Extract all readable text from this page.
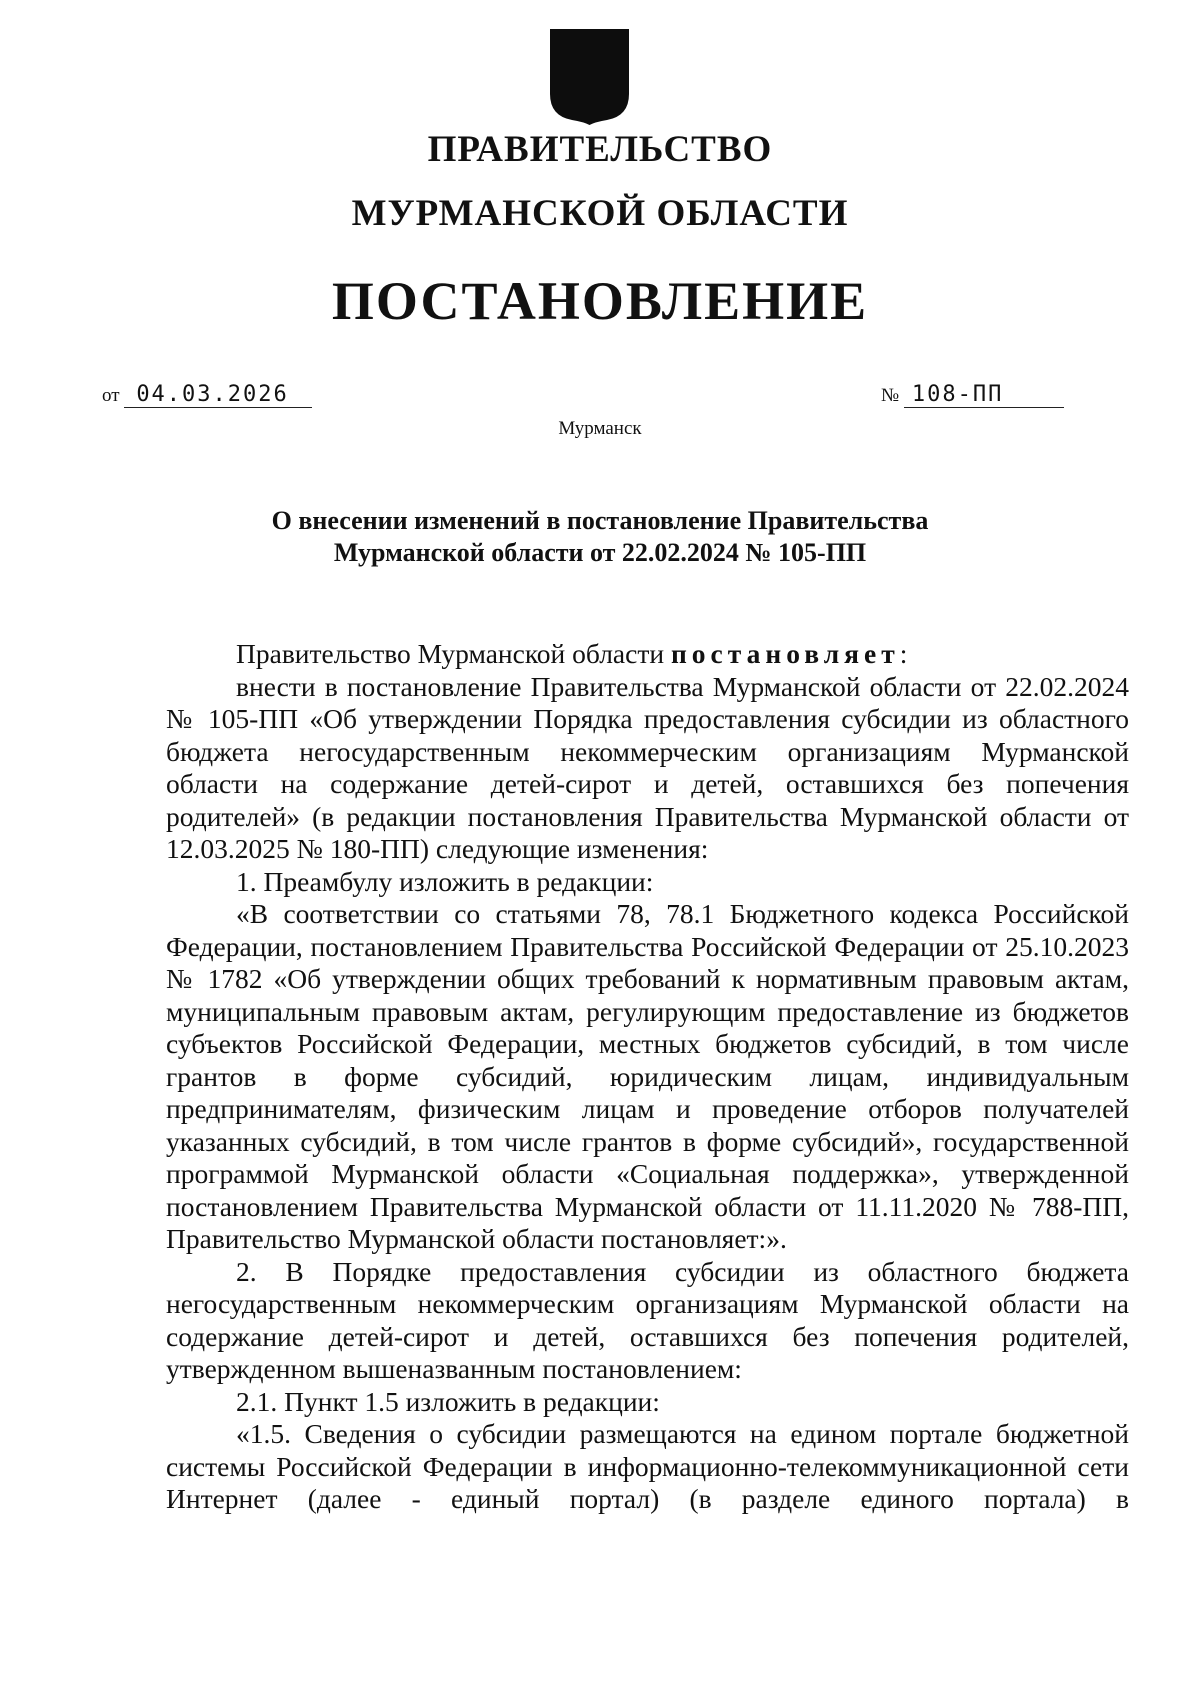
ПРАВИТЕЛЬСТВО
МУРМАНСКОЙ ОБЛАСТИ
ПОСТАНОВЛЕНИЕ
от 04.03.2026	№ 108-ПП
Мурманск
О внесении изменений в постановление Правительства
Мурманской области от 22.02.2024 № 105-ПП

Правительство Мурманской области постановляет:

внести в постановление Правительства Мурманской области от 22.02.2024 № 105-ПП «Об утверждении Порядка предоставления субсидии из областного бюджета негосударственным некоммерческим организациям Мурманской области на содержание детей-сирот и детей, оставшихся без попечения родителей» (в редакции постановления Правительства Мурманской области от 12.03.2025 № 180-ПП) следующие изменения:

1. Преамбулу изложить в редакции:

«В соответствии со статьями 78, 78.1 Бюджетного кодекса Российской Федерации, постановлением Правительства Российской Федерации от 25.10.2023 № 1782 «Об утверждении общих требований к нормативным правовым актам, муниципальным правовым актам, регулирующим предоставление из бюджетов субъектов Российской Федерации, местных бюджетов субсидий, в том числе грантов в форме субсидий, юридическим лицам, индивидуальным предпринимателям, физическим лицам и проведение отборов получателей указанных субсидий, в том числе грантов в форме субсидий», государственной программой Мурманской области «Социальная поддержка», утвержденной постановлением Правительства Мурманской области от 11.11.2020 № 788-ПП, Правительство Мурманской области постановляет:».

2. В Порядке предоставления субсидии из областного бюджета негосударственным некоммерческим организациям Мурманской области на содержание детей-сирот и детей, оставшихся без попечения родителей, утвержденном вышеназванным постановлением:

2.1. Пункт 1.5 изложить в редакции:

«1.5. Сведения о субсидии размещаются на едином портале бюджетной системы Российской Федерации в информационно-телекоммуникационной сети Интернет (далее - единый портал) (в разделе единого портала) в
